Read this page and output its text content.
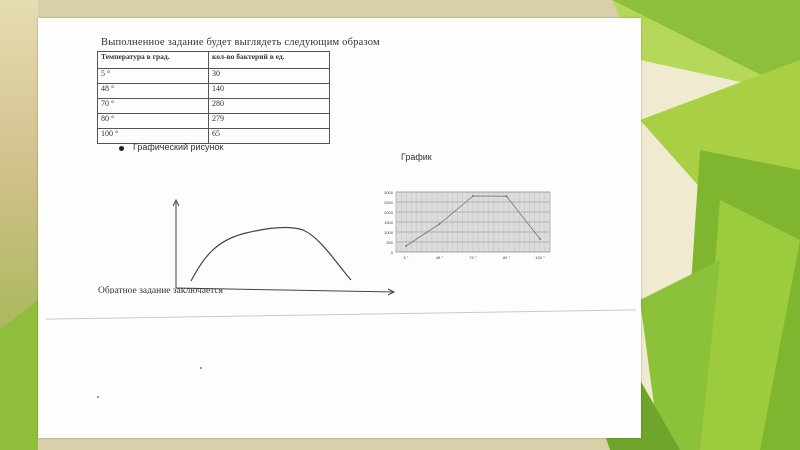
Выполненное задание будет выглядеть следующим образом
Температура в град.	кол-во бактерий в ед.
5 °	30
48 °	140
70 °	280
80 °	279
100 °	65
Графический рисунок
График
0
500
1000
1500
2000
2500
3000
5 °	48 °	70 °	80 °	100 °
Обратное задание заключается
